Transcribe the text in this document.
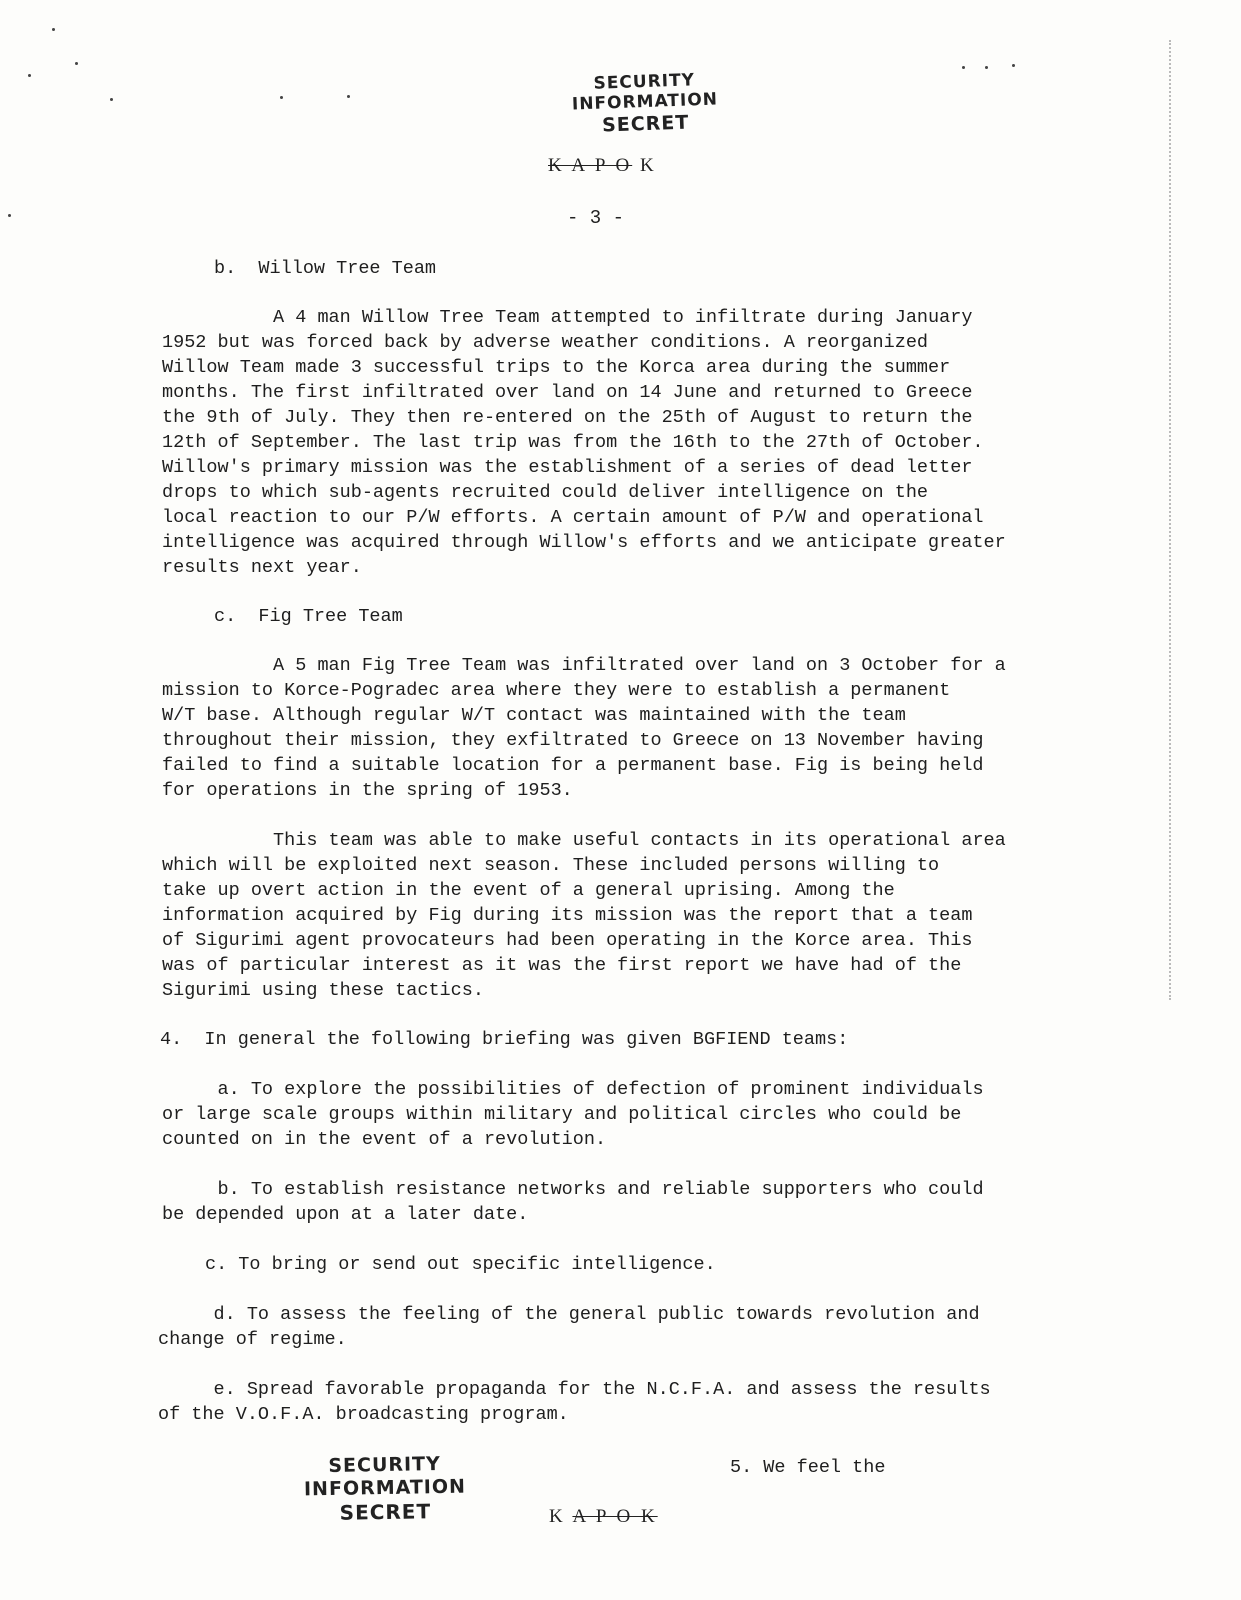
SECURITY INFORMATION
SECRET
K A P O K
- 3 -
b.  Willow Tree Team
A 4 man Willow Tree Team attempted to infiltrate during January
1952 but was forced back by adverse weather conditions. A reorganized
Willow Team made 3 successful trips to the Korca area during the summer
months. The first infiltrated over land on 14 June and returned to Greece
the 9th of July. They then re-entered on the 25th of August to return the
12th of September. The last trip was from the 16th to the 27th of October.
Willow's primary mission was the establishment of a series of dead letter
drops to which sub-agents recruited could deliver intelligence on the
local reaction to our P/W efforts. A certain amount of P/W and operational
intelligence was acquired through Willow's efforts and we anticipate greater
results next year.
c.  Fig Tree Team
A 5 man Fig Tree Team was infiltrated over land on 3 October for a
mission to Korce-Pogradec area where they were to establish a permanent
W/T base. Although regular W/T contact was maintained with the team
throughout their mission, they exfiltrated to Greece on 13 November having
failed to find a suitable location for a permanent base. Fig is being held
for operations in the spring of 1953.
This team was able to make useful contacts in its operational area
which will be exploited next season. These included persons willing to
take up overt action in the event of a general uprising. Among the
information acquired by Fig during its mission was the report that a team
of Sigurimi agent provocateurs had been operating in the Korce area. This
was of particular interest as it was the first report we have had of the
Sigurimi using these tactics.
4.  In general the following briefing was given BGFIEND teams:
a. To explore the possibilities of defection of prominent individuals
or large scale groups within military and political circles who could be
counted on in the event of a revolution.
b. To establish resistance networks and reliable supporters who could
be depended upon at a later date.
c. To bring or send out specific intelligence.
d. To assess the feeling of the general public towards revolution and
change of regime.
e. Spread favorable propaganda for the N.C.F.A. and assess the results
of the V.O.F.A. broadcasting program.
SECURITY INFORMATION
SECRET
5. We feel the
K A P O K
